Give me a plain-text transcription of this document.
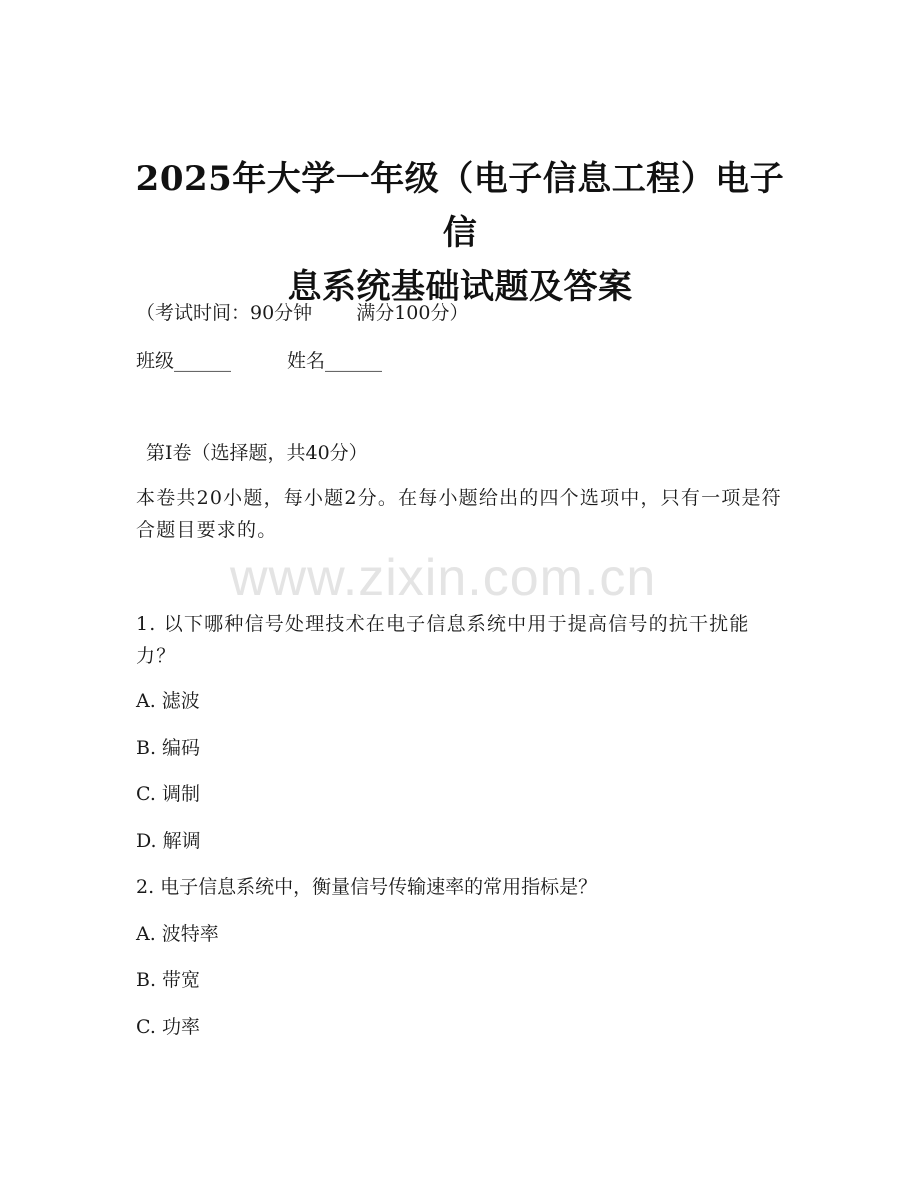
2025年大学一年级（电子信息工程）电子信
息系统基础试题及答案
（考试时间：90分钟 满分100分）
班级______	姓名______
第Ⅰ卷（选择题，共40分）
本卷共20小题，每小题2分。在每小题给出的四个选项中，只有一项是符合题目要求的。
www.zixin.com.cn
1. 以下哪种信号处理技术在电子信息系统中用于提高信号的抗干扰能力？
A. 滤波
B. 编码
C. 调制
D. 解调
2. 电子信息系统中，衡量信号传输速率的常用指标是？
A. 波特率
B. 带宽
C. 功率
